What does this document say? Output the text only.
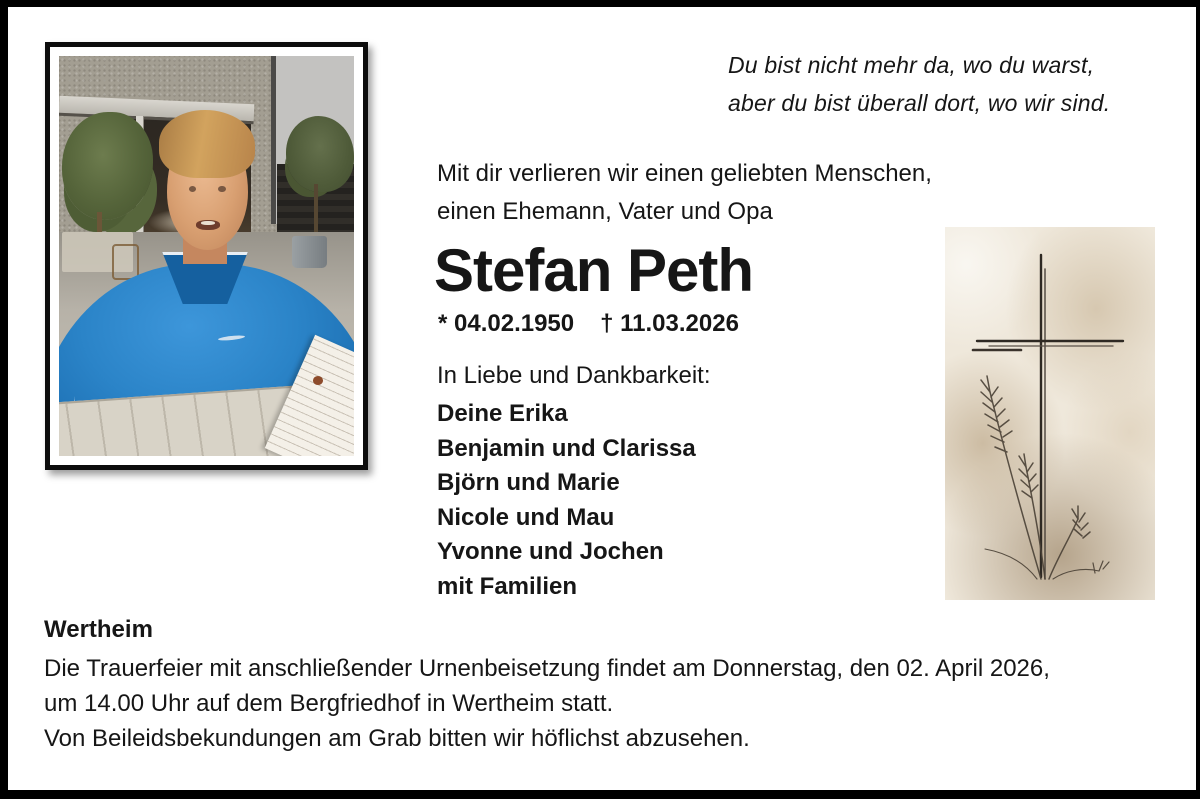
Du bist nicht mehr da, wo du warst,
aber du bist überall dort, wo wir sind.
Mit dir verlieren wir einen geliebten Menschen,
einen Ehemann, Vater und Opa
Stefan Peth
* 04.02.1950 † 11.03.2026
In Liebe und Dankbarkeit:
Deine Erika
Benjamin und Clarissa
Björn und Marie
Nicole und Mau
Yvonne und Jochen
mit Familien
Wertheim
Die Trauerfeier mit anschließender Urnenbeisetzung findet am Donnerstag, den 02. April 2026,
um 14.00 Uhr auf dem Bergfriedhof in Wertheim statt.
Von Beileidsbekundungen am Grab bitten wir höflichst abzusehen.
